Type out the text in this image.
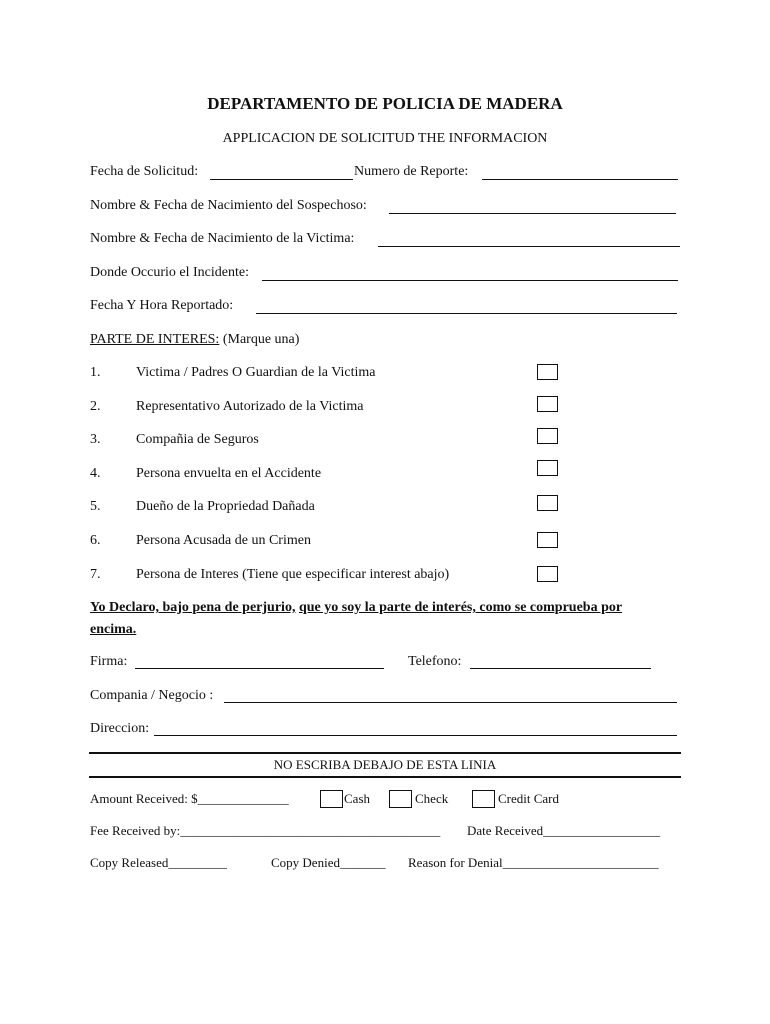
DEPARTAMENTO DE POLICIA DE MADERA
APPLICACION DE SOLICITUD THE INFORMACION
Fecha de Solicitud:	Numero de Reporte:
Nombre & Fecha de Nacimiento del Sospechoso:
Nombre & Fecha de Nacimiento de la Victima:
Donde Occurio el Incidente:
Fecha Y Hora Reportado:
PARTE DE INTERES: (Marque una)
1.	Victima / Padres O Guardian de la Victima
2.	Representativo Autorizado de la Victima
3.	Compañia de Seguros
4.	Persona envuelta en el Accidente
5.	Dueño de la Propriedad Dañada
6.	Persona Acusada de un Crimen
7.	Persona de Interes (Tiene que especificar interest abajo)
Yo Declaro, bajo pena de perjurio, que yo soy la parte de interés, como se comprueba por
encima.
Firma:	Telefono:
Compania / Negocio :
Direccion:
NO ESCRIBA DEBAJO DE ESTA LINIA
Amount Received: $______________	Cash	Check	Credit Card
Fee Received by:________________________________________ Date Received__________________
Copy Released_________	Copy Denied_______ Reason for Denial________________________
